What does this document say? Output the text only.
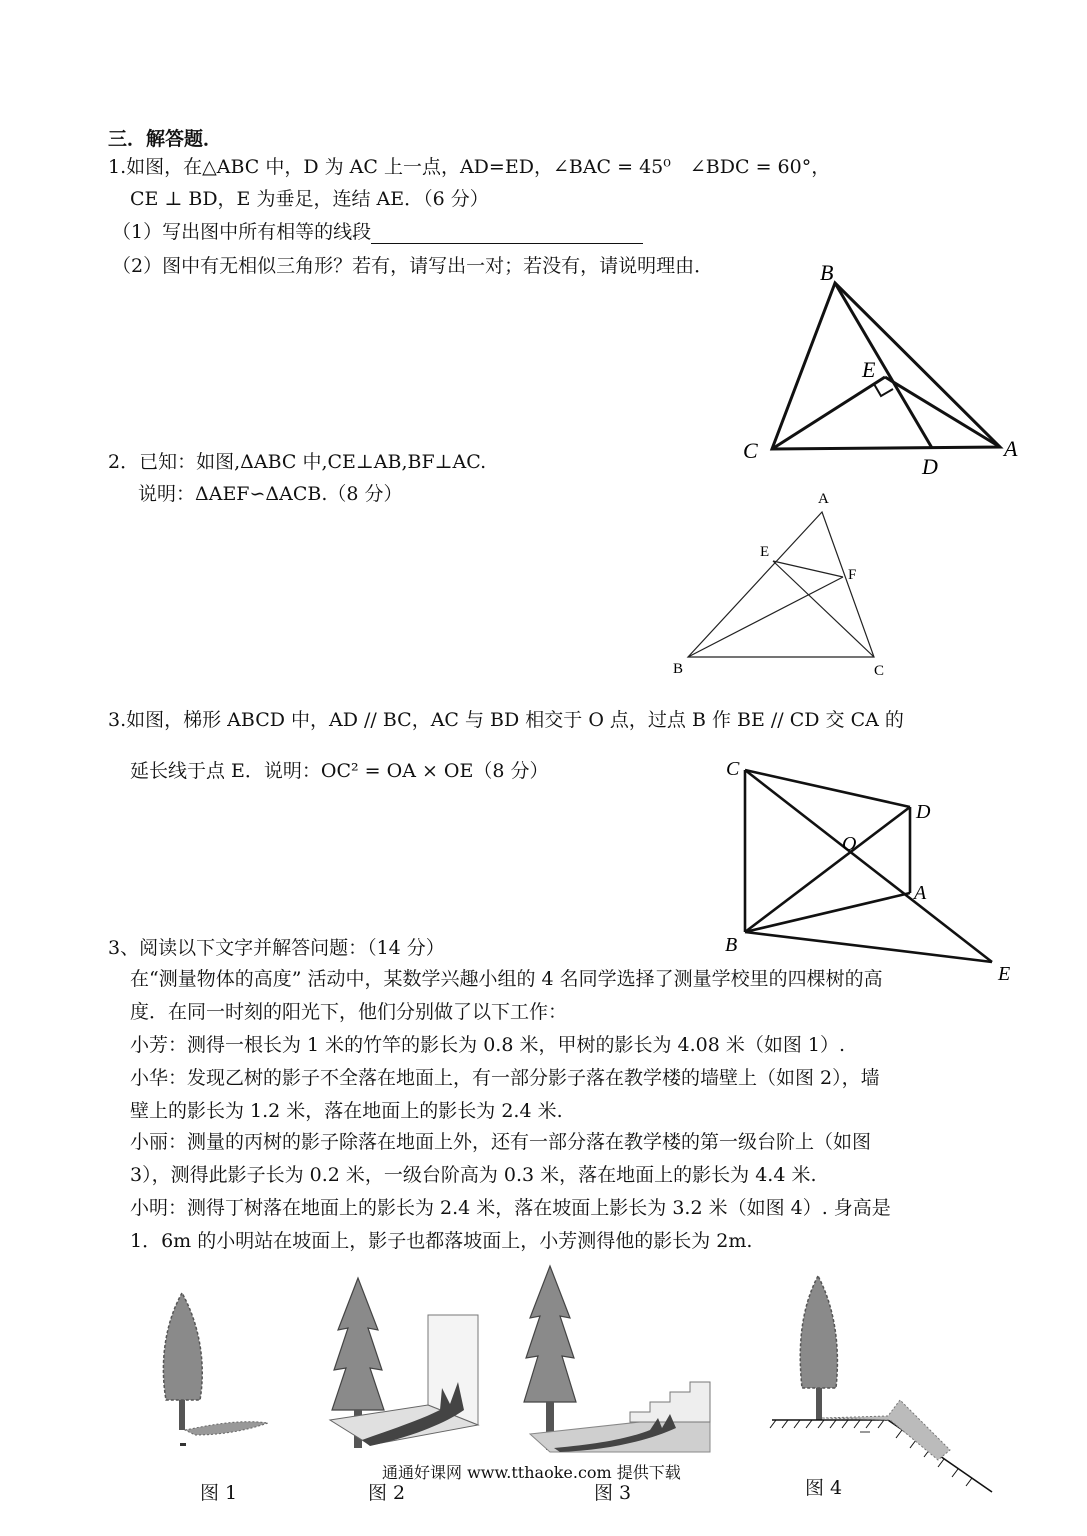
三．解答题．
1.如图，在△ABC 中，D 为 AC 上一点，AD=ED，∠BAC = 45⁰　∠BDC = 60°，
CE ⊥ BD，E 为垂足，连结 AE．（6 分）
（1）写出图中所有相等的线段
（2）图中有无相似三角形？若有，请写出一对；若没有，请说明理由．	B
E
C
D
A
2．已知：如图,ΔABC 中,CE⊥AB,BF⊥AC.
说明：ΔAEF∽ΔACB.（8 分）	A
E
F
B	C
3.如图，梯形 ABCD 中，AD // BC，AC 与 BD 相交于 O 点，过点 B 作 BE // CD 交 CA 的
延长线于点 E．说明：OC² = OA × OE（8 分）	C
D
O
A
B
E
3、阅读以下文字并解答问题：（14 分）
在“测量物体的高度” 活动中，某数学兴趣小组的 4 名同学选择了测量学校里的四棵树的高
度．在同一时刻的阳光下，他们分别做了以下工作：
小芳：测得一根长为 1 米的竹竿的影长为 0.8 米，甲树的影长为 4.08 米（如图 1）.
小华：发现乙树的影子不全落在地面上，有一部分影子落在教学楼的墙壁上（如图 2），墙
壁上的影长为 1.2 米，落在地面上的影长为 2.4 米.
小丽：测量的丙树的影子除落在地面上外，还有一部分落在教学楼的第一级台阶上（如图
3），测得此影子长为 0.2 米，一级台阶高为 0.3 米，落在地面上的影长为 4.4 米.
小明：测得丁树落在地面上的影长为 2.4 米，落在坡面上影长为 3.2 米（如图 4）. 身高是
1．6m 的小明站在坡面上，影子也都落坡面上，小芳测得他的影长为 2m.
图 1	图 2	图 3	图 4
通通好课网 www.tthaoke.com 提供下载
